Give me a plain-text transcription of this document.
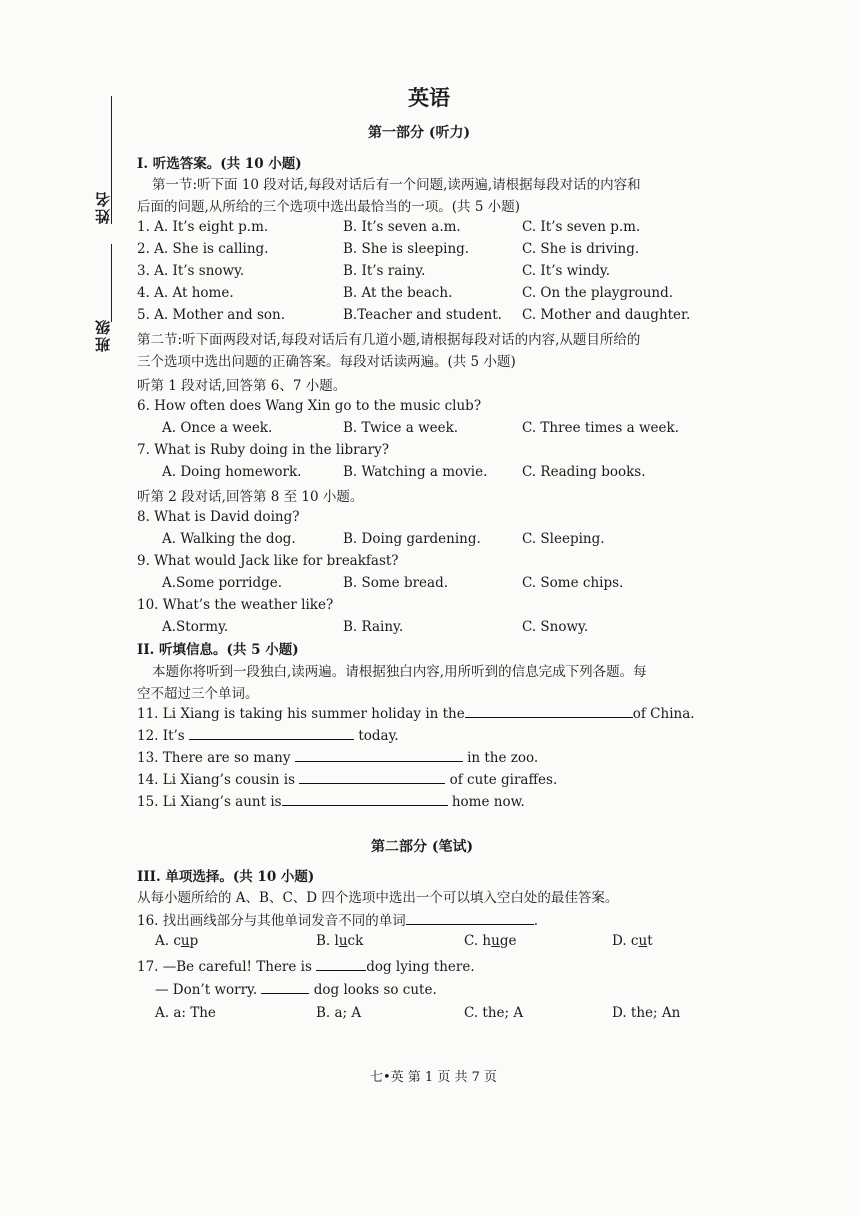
姓名
班级
英语
第一部分 (听力)
I. 听选答案。(共 10 小题)
第一节:听下面 10 段对话,每段对话后有一个问题,读两遍,请根据每段对话的内容和
后面的问题,从所给的三个选项中选出最恰当的一项。(共 5 小题)
1. A. It’s eight p.m.	B. It’s seven a.m.	C. It’s seven p.m.
2. A. She is calling.	B. She is sleeping.	C. She is driving.
3. A. It’s snowy.	B. It’s rainy.	C. It’s windy.
4. A. At home.	B. At the beach.	C. On the playground.
5. A. Mother and son.	B.Teacher and student. C. Mother and daughter.
第二节:听下面两段对话,每段对话后有几道小题,请根据每段对话的内容,从题目所给的
三个选项中选出问题的正确答案。每段对话读两遍。(共 5 小题)
听第 1 段对话,回答第 6、7 小题。
6. How often does Wang Xin go to the music club?
A. Once a week.	B. Twice a week.	C. Three times a week.
7. What is Ruby doing in the library?
A. Doing homework.	B. Watching a movie.	C. Reading books.
听第 2 段对话,回答第 8 至 10 小题。
8. What is David doing?
A. Walking the dog.	B. Doing gardening.	C. Sleeping.
9. What would Jack like for breakfast?
A.Some porridge.	B. Some bread.	C. Some chips.
10. What’s the weather like?
A.Stormy.	B. Rainy.	C. Snowy.
II. 听填信息。(共 5 小题)
本题你将听到一段独白,读两遍。请根据独白内容,用所听到的信息完成下列各题。每
空不超过三个单词。
11. Li Xiang is taking his summer holiday in the	of China.
12. It’s	today.
13. There are so many	in the zoo.
14. Li Xiang’s cousin is	of cute giraffes.
15. Li Xiang’s aunt is	home now.
第二部分 (笔试)
III. 单项选择。(共 10 小题)
从每小题所给的 A、B、C、D 四个选项中选出一个可以填入空白处的最佳答案。
16. 找出画线部分与其他单词发音不同的单词	.
A. cup	B. luck	C. huge	D. cut
17. —Be careful! There is	dog lying there.
— Don’t worry.	dog looks so cute.
A. a: The	B. a; A	C. the; A	D. the; An
七•英 第 1 页 共 7 页
